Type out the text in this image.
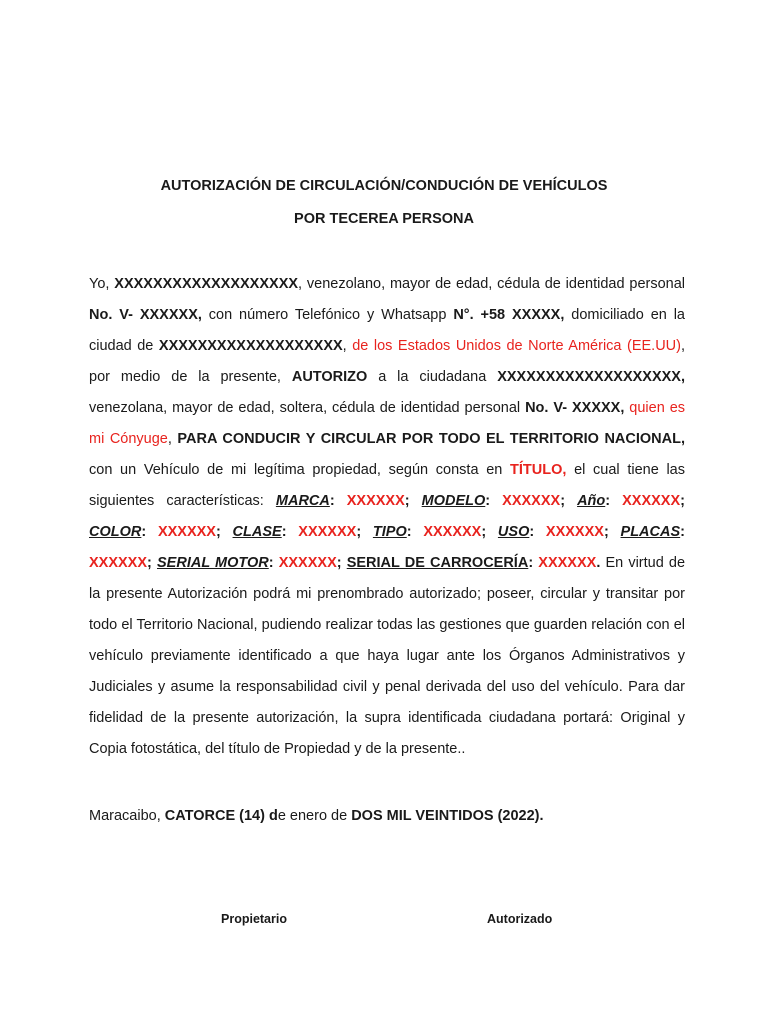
AUTORIZACIÓN DE CIRCULACIÓN/CONDUCIÓN DE VEHÍCULOS
POR TECEREA PERSONA
Yo, XXXXXXXXXXXXXXXXXXX, venezolano, mayor de edad, cédula de identidad personal No. V- XXXXXX, con número Telefónico y Whatsapp N°. +58 XXXXX, domiciliado en la ciudad de XXXXXXXXXXXXXXXXXXX, de los Estados Unidos de Norte América (EE.UU), por medio de la presente, AUTORIZO a la ciudadana XXXXXXXXXXXXXXXXXXX, venezolana, mayor de edad, soltera, cédula de identidad personal No. V- XXXXX, quien es mi Cónyuge, PARA CONDUCIR Y CIRCULAR POR TODO EL TERRITORIO NACIONAL, con un Vehículo de mi legítima propiedad, según consta en TÍTULO, el cual tiene las siguientes características: MARCA: XXXXXX; MODELO: XXXXXX; Año: XXXXXX; COLOR: XXXXXX; CLASE: XXXXXX; TIPO: XXXXXX; USO: XXXXXX; PLACAS: XXXXXX; SERIAL MOTOR: XXXXXX; SERIAL DE CARROCERÍA: XXXXXX. En virtud de la presente Autorización podrá mi prenombrado autorizado; poseer, circular y transitar por todo el Territorio Nacional, pudiendo realizar todas las gestiones que guarden relación con el vehículo previamente identificado a que haya lugar ante los Órganos Administrativos y Judiciales y asume la responsabilidad civil y penal derivada del uso del vehículo. Para dar fidelidad de la presente autorización, la supra identificada ciudadana portará: Original y Copia fotostática, del título de Propiedad y de la presente..
Maracaibo, CATORCE (14) de enero de DOS MIL VEINTIDOS (2022).
Propietario	Autorizado
